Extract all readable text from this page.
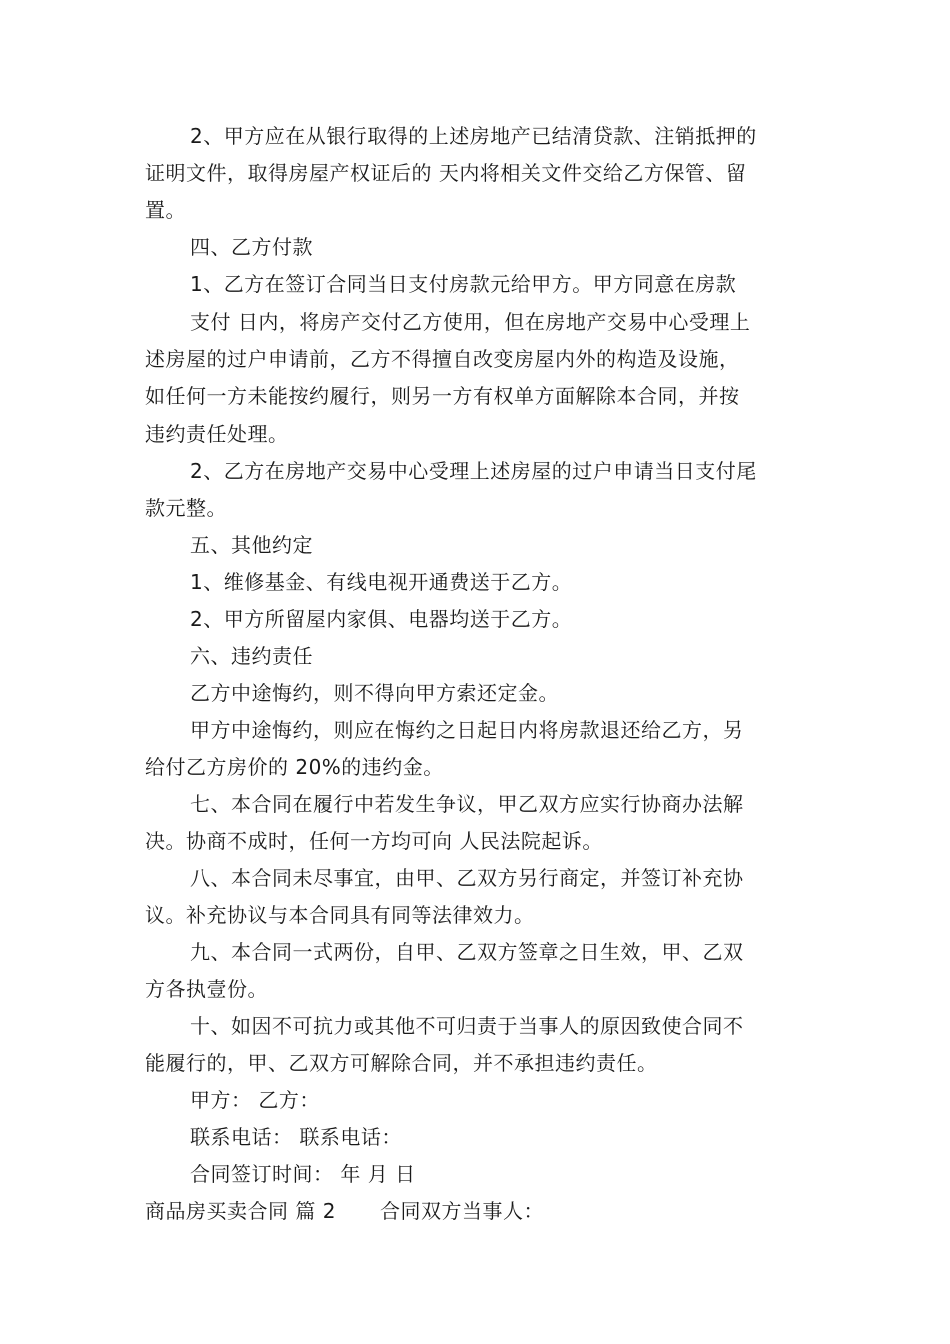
2、甲方应在从银行取得的上述房地产已结清贷款、注销抵押的
证明文件，取得房屋产权证后的 天内将相关文件交给乙方保管、留
置。
四、乙方付款
1、乙方在签订合同当日支付房款元给甲方。甲方同意在房款
支付 日内，将房产交付乙方使用，但在房地产交易中心受理上
述房屋的过户申请前，乙方不得擅自改变房屋内外的构造及设施，
如任何一方未能按约履行，则另一方有权单方面解除本合同，并按
违约责任处理。
2、乙方在房地产交易中心受理上述房屋的过户申请当日支付尾
款元整。
五、其他约定
1、维修基金、有线电视开通费送于乙方。
2、甲方所留屋内家俱、电器均送于乙方。
六、违约责任
乙方中途悔约，则不得向甲方索还定金。
甲方中途悔约，则应在悔约之日起日内将房款退还给乙方，另
给付乙方房价的 20%的违约金。
七、本合同在履行中若发生争议，甲乙双方应实行协商办法解
决。协商不成时，任何一方均可向 人民法院起诉。
八、本合同未尽事宜，由甲、乙双方另行商定，并签订补充协
议。补充协议与本合同具有同等法律效力。
九、本合同一式两份，自甲、乙双方签章之日生效，甲、乙双
方各执壹份。
十、如因不可抗力或其他不可归责于当事人的原因致使合同不
能履行的，甲、乙双方可解除合同，并不承担违约责任。
甲方： 乙方：
联系电话： 联系电话：
合同签订时间： 年 月 日
商品房买卖合同 篇 2 合同双方当事人：
